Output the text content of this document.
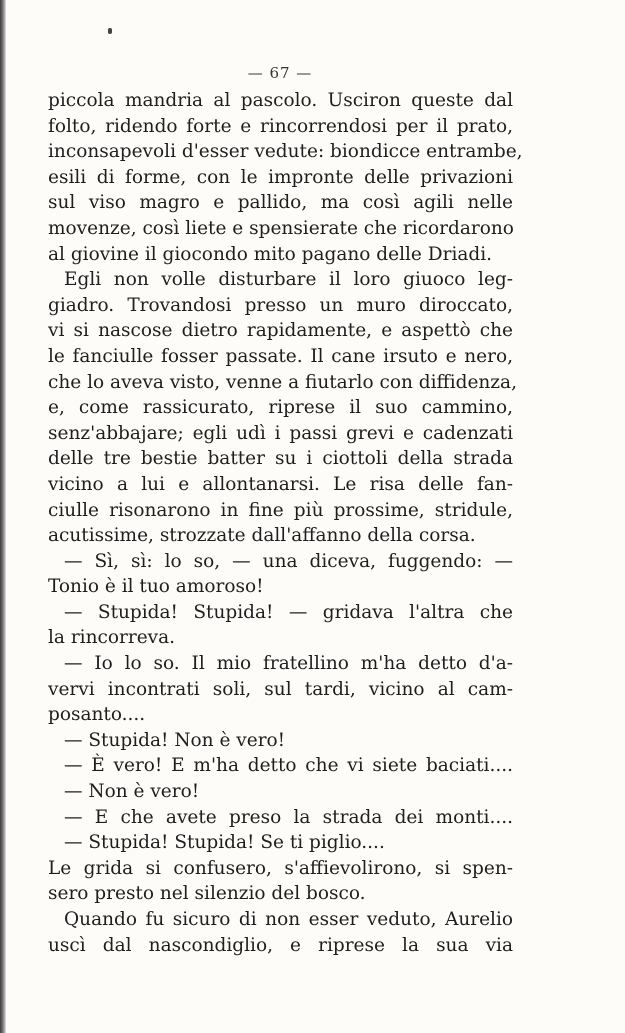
— 67 —
piccola mandria al pascolo. Usciron queste dal
folto, ridendo forte e rincorrendosi per il prato,
inconsapevoli d'esser vedute: biondicce entrambe,
esili di forme, con le impronte delle privazioni
sul viso magro e pallido, ma così agili nelle
movenze, così liete e spensierate che ricordarono
al giovine il giocondo mito pagano delle Driadi.
Egli non volle disturbare il loro giuoco leg-
giadro. Trovandosi presso un muro diroccato,
vi si nascose dietro rapidamente, e aspettò che
le fanciulle fosser passate. Il cane irsuto e nero,
che lo aveva visto, venne a fiutarlo con diffidenza,
e, come rassicurato, riprese il suo cammino,
senz'abbajare; egli udì i passi grevi e cadenzati
delle tre bestie batter su i ciottoli della strada
vicino a lui e allontanarsi. Le risa delle fan-
ciulle risonarono in fine più prossime, stridule,
acutissime, strozzate dall'affanno della corsa.
— Sì, sì: lo so, — una diceva, fuggendo: —
Tonio è il tuo amoroso!
— Stupida! Stupida! — gridava l'altra che
la rincorreva.
— Io lo so. Il mio fratellino m'ha detto d'a-
vervi incontrati soli, sul tardi, vicino al cam-
posanto....
— Stupida! Non è vero!
— È vero! E m'ha detto che vi siete baciati....
— Non è vero!
— E che avete preso la strada dei monti....
— Stupida! Stupida! Se ti piglio....
Le grida si confusero, s'affievolirono, si spen-
sero presto nel silenzio del bosco.
Quando fu sicuro di non esser veduto, Aurelio
uscì dal nascondiglio, e riprese la sua via
